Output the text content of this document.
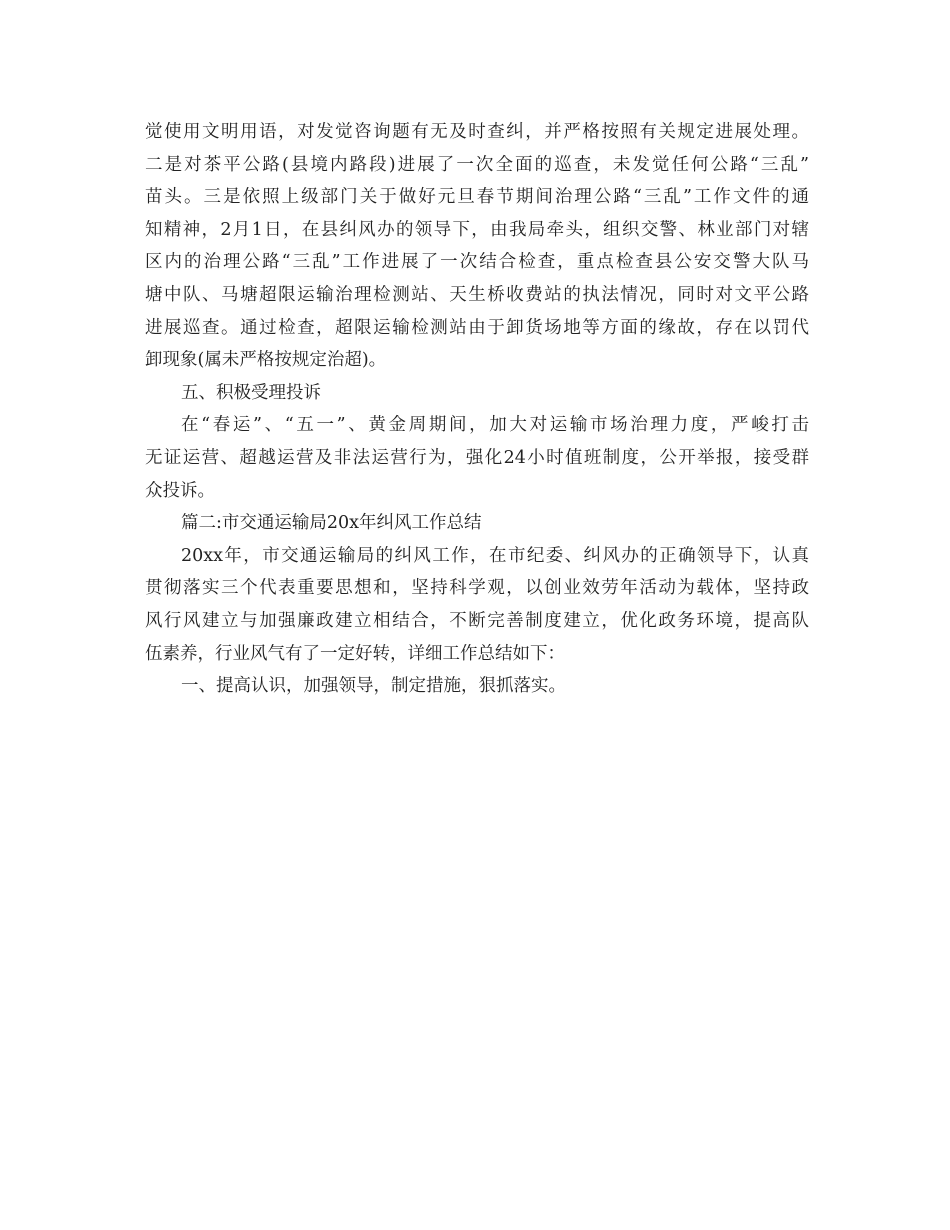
觉使用文明用语，对发觉咨询题有无及时查纠，并严格按照有关规定进展处理。
二是对茶平公路(县境内路段)进展了一次全面的巡查，未发觉任何公路“三乱”
苗头。三是依照上级部门关于做好元旦春节期间治理公路“三乱”工作文件的通
知精神，2月1日，在县纠风办的领导下，由我局牵头，组织交警、林业部门对辖
区内的治理公路“三乱”工作进展了一次结合检查，重点检查县公安交警大队马
塘中队、马塘超限运输治理检测站、天生桥收费站的执法情况，同时对文平公路
进展巡查。通过检查，超限运输检测站由于卸货场地等方面的缘故，存在以罚代
卸现象(属未严格按规定治超)。
五、积极受理投诉
在“春运”、“五一”、黄金周期间，加大对运输市场治理力度，严峻打击
无证运营、超越运营及非法运营行为，强化24小时值班制度，公开举报，接受群
众投诉。
篇二:市交通运输局20x年纠风工作总结
20xx年，市交通运输局的纠风工作，在市纪委、纠风办的正确领导下，认真
贯彻落实三个代表重要思想和，坚持科学观，以创业效劳年活动为载体，坚持政
风行风建立与加强廉政建立相结合，不断完善制度建立，优化政务环境，提高队
伍素养，行业风气有了一定好转，详细工作总结如下：
一、提高认识，加强领导，制定措施，狠抓落实。
